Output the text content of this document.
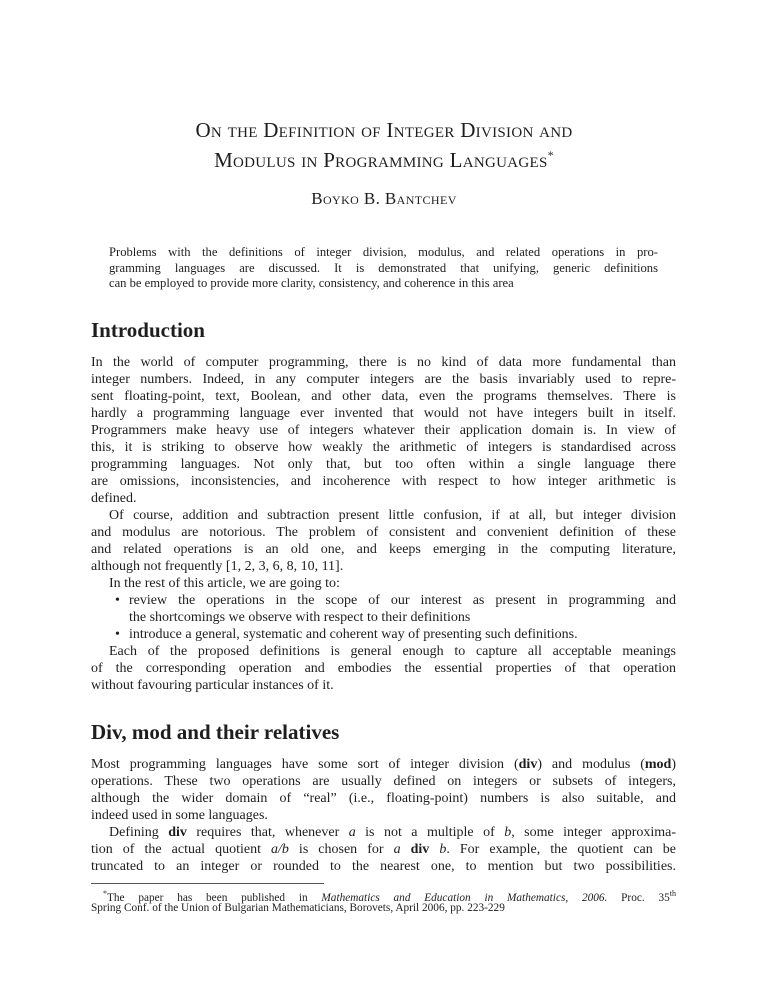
On the Definition of Integer Division and
Modulus in Programming Languages*
Boyko B. Bantchev
Problems with the definitions of integer division, modulus, and related operations in pro-
gramming languages are discussed. It is demonstrated that unifying, generic definitions
can be employed to provide more clarity, consistency, and coherence in this area
Introduction
In the world of computer programming, there is no kind of data more fundamental than
integer numbers. Indeed, in any computer integers are the basis invariably used to repre-
sent floating-point, text, Boolean, and other data, even the programs themselves. There is
hardly a programming language ever invented that would not have integers built in itself.
Programmers make heavy use of integers whatever their application domain is. In view of
this, it is striking to observe how weakly the arithmetic of integers is standardised across
programming languages. Not only that, but too often within a single language there
are omissions, inconsistencies, and incoherence with respect to how integer arithmetic is
defined.
Of course, addition and subtraction present little confusion, if at all, but integer division
and modulus are notorious. The problem of consistent and convenient definition of these
and related operations is an old one, and keeps emerging in the computing literature,
although not frequently [1, 2, 3, 6, 8, 10, 11].
In the rest of this article, we are going to:
• review the operations in the scope of our interest as present in programming and
the shortcomings we observe with respect to their definitions
• introduce a general, systematic and coherent way of presenting such definitions.
Each of the proposed definitions is general enough to capture all acceptable meanings
of the corresponding operation and embodies the essential properties of that operation
without favouring particular instances of it.
Div, mod and their relatives
Most programming languages have some sort of integer division (div) and modulus (mod)
operations. These two operations are usually defined on integers or subsets of integers,
although the wider domain of “real” (i.e., floating-point) numbers is also suitable, and
indeed used in some languages.
Defining div requires that, whenever a is not a multiple of b, some integer approxima-
tion of the actual quotient a/b is chosen for a div b. For example, the quotient can be
truncated to an integer or rounded to the nearest one, to mention but two possibilities.
*The paper has been published in Mathematics and Education in Mathematics, 2006. Proc. 35th
Spring Conf. of the Union of Bulgarian Mathematicians, Borovets, April 2006, pp. 223-229
